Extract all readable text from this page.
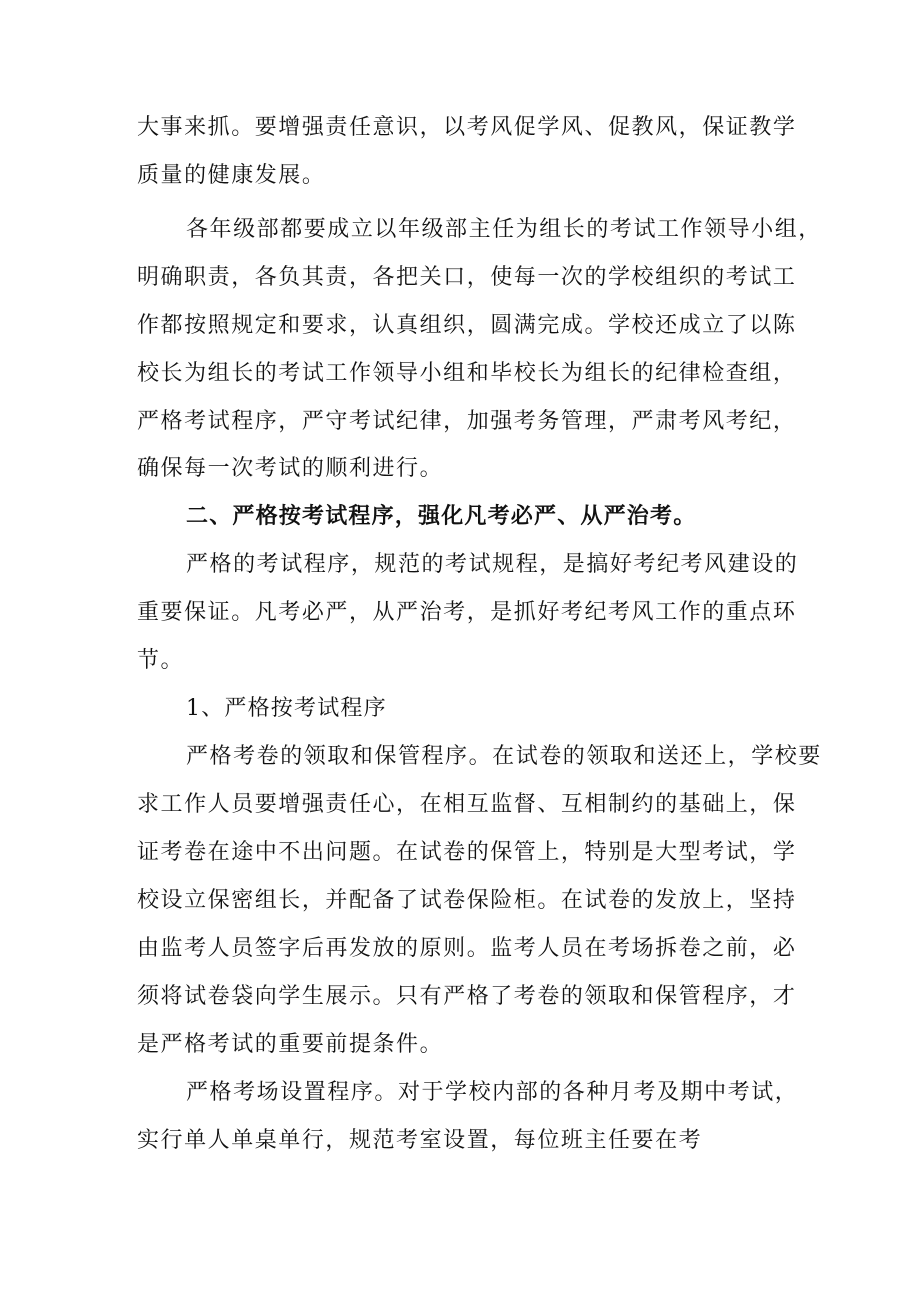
大事来抓。要增强责任意识，以考风促学风、促教风，保证教学
质量的健康发展。
各年级部都要成立以年级部主任为组长的考试工作领导小组，
明确职责，各负其责，各把关口，使每一次的学校组织的考试工
作都按照规定和要求，认真组织，圆满完成。学校还成立了以陈
校长为组长的考试工作领导小组和毕校长为组长的纪律检查组，
严格考试程序，严守考试纪律，加强考务管理，严肃考风考纪，
确保每一次考试的顺利进行。
二、严格按考试程序，强化凡考必严、从严治考。
严格的考试程序，规范的考试规程，是搞好考纪考风建设的
重要保证。凡考必严，从严治考，是抓好考纪考风工作的重点环
节。
1、严格按考试程序
严格考卷的领取和保管程序。在试卷的领取和送还上，学校要
求工作人员要增强责任心，在相互监督、互相制约的基础上，保
证考卷在途中不出问题。在试卷的保管上，特别是大型考试，学
校设立保密组长，并配备了试卷保险柜。在试卷的发放上，坚持
由监考人员签字后再发放的原则。监考人员在考场拆卷之前，必
须将试卷袋向学生展示。只有严格了考卷的领取和保管程序，才
是严格考试的重要前提条件。
严格考场设置程序。对于学校内部的各种月考及期中考试，
实行单人单桌单行，规范考室设置，每位班主任要在考
